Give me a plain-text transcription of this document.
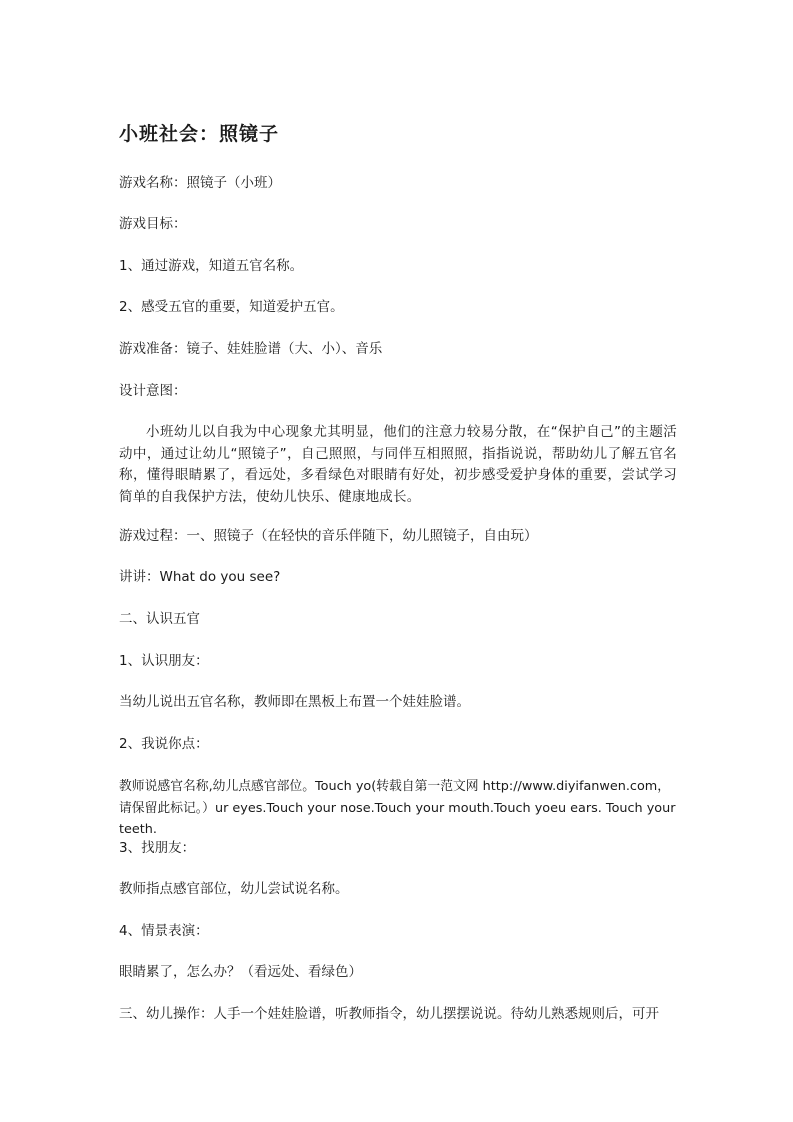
小班社会：照镜子

游戏名称：照镜子（小班）

游戏目标：

1、通过游戏，知道五官名称。

2、感受五官的重要，知道爱护五官。

游戏准备：镜子、娃娃脸谱（大、小）、音乐

设计意图：

小班幼儿以自我为中心现象尤其明显，他们的注意力较易分散，在“保护自己”的主题活动中，通过让幼儿“照镜子”，自己照照，与同伴互相照照，指指说说，帮助幼儿了解五官名称，懂得眼睛累了，看远处，多看绿色对眼睛有好处，初步感受爱护身体的重要，尝试学习简单的自我保护方法，使幼儿快乐、健康地成长。

游戏过程：一、照镜子（在轻快的音乐伴随下，幼儿照镜子，自由玩）

讲讲：What do you see?

二、认识五官

1、认识朋友：

当幼儿说出五官名称，教师即在黑板上布置一个娃娃脸谱。

2、我说你点：

教师说感官名称,幼儿点感官部位。Touch yo(转载自第一范文网 http://www.diyifanwen.com，请保留此标记。）ur eyes.Touch your nose.Touch your mouth.Touch yoeu ears. Touch your teeth.

3、找朋友：

教师指点感官部位，幼儿尝试说名称。

4、情景表演：

眼睛累了，怎么办？（看远处、看绿色）

三、幼儿操作：人手一个娃娃脸谱，听教师指令，幼儿摆摆说说。待幼儿熟悉规则后，可开
